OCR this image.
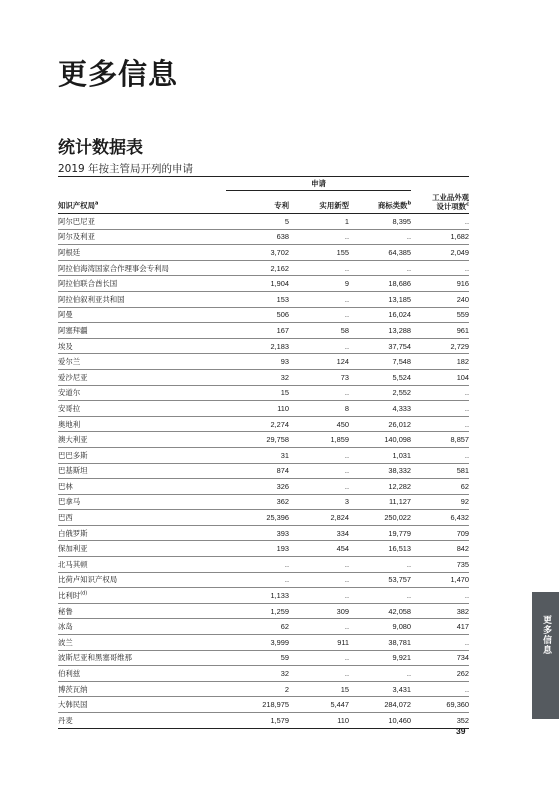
更多信息
统计数据表

2019 年按主管局开列的申请

	申请			工业品外观
设计项数$^c$
知识产权局$^a$	专利	实用新型	商标类数$^b$
阿尔巴尼亚	5	1	8,395	..
阿尔及利亚	638	..	..	1,682
阿根廷	3,702	155	64,385	2,049
阿拉伯海湾国家合作理事会专利局	2,162	..	..	..
阿拉伯联合酋长国	1,904	9	18,686	916
阿拉伯叙利亚共和国	153	..	13,185	240
阿曼	506	..	16,024	559
阿塞拜疆	167	58	13,288	961
埃及	2,183	..	37,754	2,729
爱尔兰	93	124	7,548	182
爱沙尼亚	32	73	5,524	104
安道尔	15	..	2,552	..
安哥拉	110	8	4,333	..
奥地利	2,274	450	26,012	..
澳大利亚	29,758	1,859	140,098	8,857
巴巴多斯	31	..	1,031	..
巴基斯坦	874	..	38,332	581
巴林	326	..	12,282	62
巴拿马	362	3	11,127	92
巴西	25,396	2,824	250,022	6,432
白俄罗斯	393	334	19,779	709
保加利亚	193	454	16,513	842
北马其顿	..	..	..	735
比荷卢知识产权局	..	..	53,757	1,470
比利时$^{(d)}$	1,133	..	..	..
秘鲁	1,259	309	42,058	382
冰岛	62	..	9,080	417
波兰	3,999	911	38,781	..
波斯尼亚和黑塞哥维那	59	..	9,921	734
伯利兹	32	..	..	262
博茨瓦纳	2	15	3,431	..
大韩民国	218,975	5,447	284,072	69,360
丹麦	1,579	110	10,460	352
更多信息
39
